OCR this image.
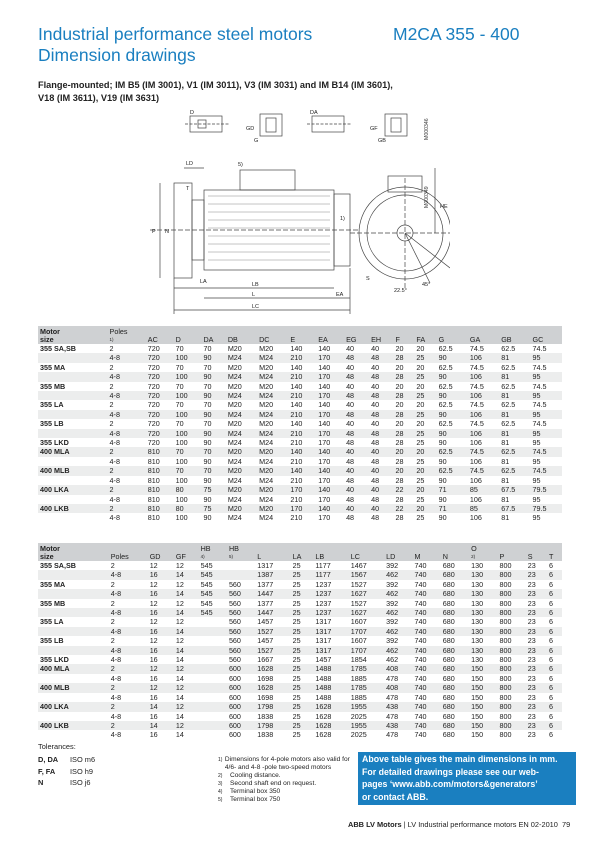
Industrial performance steel motors
Dimension drawings
M2CA 355 - 400
Flange-mounted; IM B5 (IM 3001), V1 (IM 3011), V3 (IM 3031) and IM B14 (IM 3601),
V18 (IM 3611), V19 (IM 3631)
D
GD
G
DA
GF
GB
LD
T
P N
LA	LB
L	EA
LC
1)
5)
HE
S
22.5°
45°
M000346
M000349
Motor
size	Poles
$^{1)}$	AC	D	DA	DB	DC	E	EA	EG	EH	F	FA	G	GA	GB	GC
355 SA,SB	2	720	70	70	M20	M20	140	140	40	40	20	20	62.5	74.5	62.5	74.5
	4-8	720	100	90	M24	M24	210	170	48	48	28	25	90	106	81	95
355 MA	2	720	70	70	M20	M20	140	140	40	40	20	20	62.5	74.5	62.5	74.5
	4-8	720	100	90	M24	M24	210	170	48	48	28	25	90	106	81	95
355 MB	2	720	70	70	M20	M20	140	140	40	40	20	20	62.5	74.5	62.5	74.5
	4-8	720	100	90	M24	M24	210	170	48	48	28	25	90	106	81	95
355 LA	2	720	70	70	M20	M20	140	140	40	40	20	20	62.5	74.5	62.5	74.5
	4-8	720	100	90	M24	M24	210	170	48	48	28	25	90	106	81	95
355 LB	2	720	70	70	M20	M20	140	140	40	40	20	20	62.5	74.5	62.5	74.5
	4-8	720	100	90	M24	M24	210	170	48	48	28	25	90	106	81	95
355 LKD	4-8	720	100	90	M24	M24	210	170	48	48	28	25	90	106	81	95
400 MLA	2	810	70	70	M20	M20	140	140	40	40	20	20	62.5	74.5	62.5	74.5
	4-8	810	100	90	M24	M24	210	170	48	48	28	25	90	106	81	95
400 MLB	2	810	70	70	M20	M20	140	140	40	40	20	20	62.5	74.5	62.5	74.5
	4-8	810	100	90	M24	M24	210	170	48	48	28	25	90	106	81	95
400 LKA	2	810	80	75	M20	M20	170	140	40	40	22	20	71	85	67.5	79.5
	4-8	810	100	90	M24	M24	210	170	48	48	28	25	90	106	81	95
400 LKB	2	810	80	75	M20	M20	170	140	40	40	22	20	71	85	67.5	79.5
	4-8	810	100	90	M24	M24	210	170	48	48	28	25	90	106	81	95
Motor
size	Poles	GD	GF	HB
$^{4)}$	HB
$^{5)}$	L	LA	LB	LC	LD	M	N	O
$^{2)}$	P	S	T
355 SA,SB	2	12	12	545		1317	25	1177	1467	392	740	680	130	800	23	6
	4-8	16	14	545		1387	25	1177	1567	462	740	680	130	800	23	6
355 MA	2	12	12	545	560	1377	25	1237	1527	392	740	680	130	800	23	6
	4-8	16	14	545	560	1447	25	1237	1627	462	740	680	130	800	23	6
355 MB	2	12	12	545	560	1377	25	1237	1527	392	740	680	130	800	23	6
	4-8	16	14	545	560	1447	25	1237	1627	462	740	680	130	800	23	6
355 LA	2	12	12		560	1457	25	1317	1607	392	740	680	130	800	23	6
	4-8	16	14		560	1527	25	1317	1707	462	740	680	130	800	23	6
355 LB	2	12	12		560	1457	25	1317	1607	392	740	680	130	800	23	6
	4-8	16	14		560	1527	25	1317	1707	462	740	680	130	800	23	6
355 LKD	4-8	16	14		560	1667	25	1457	1854	462	740	680	130	800	23	6
400 MLA	2	12	12		600	1628	25	1488	1785	408	740	680	150	800	23	6
	4-8	16	14		600	1698	25	1488	1885	478	740	680	150	800	23	6
400 MLB	2	12	12		600	1628	25	1488	1785	408	740	680	150	800	23	6
	4-8	16	14		600	1698	25	1488	1885	478	740	680	150	800	23	6
400 LKA	2	14	12		600	1798	25	1628	1955	438	740	680	150	800	23	6
	4-8	16	14		600	1838	25	1628	2025	478	740	680	150	800	23	6
400 LKB	2	14	12		600	1798	25	1628	1955	438	740	680	150	800	23	6
	4-8	16	14		600	1838	25	1628	2025	478	740	680	150	800	23	6
Tolerances:
D, DA	ISO m6
F, FA	ISO h9
N	ISO j6
1) Dimensions for 4-pole motors also valid for 4/6- and 4-8 -pole two-speed motors
2)	Cooling distance.
3)	Second shaft end on request.
4)	Terminal box 350
5)	Terminal box 750
Above table gives the main dimensions in mm.
For detailed drawings please see our web-
pages ‘www.abb.com/motors&generators’
or contact ABB.
ABB LV Motors | LV Industrial performance motors EN 02-2010 79
